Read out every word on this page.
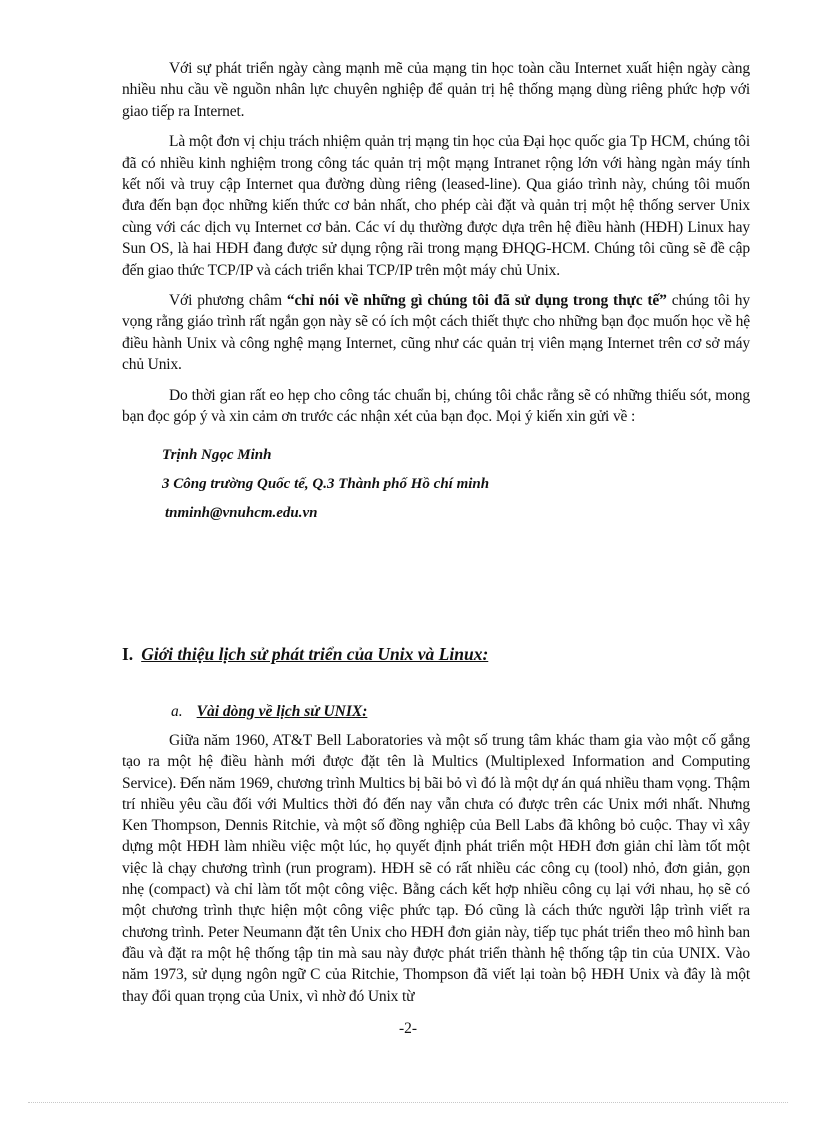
Với sự phát triển ngày càng mạnh mẽ của mạng tin học toàn cầu Internet xuất hiện ngày càng nhiều nhu cầu về nguồn nhân lực chuyên nghiệp để quản trị hệ thống mạng dùng riêng phức hợp với giao tiếp ra Internet.

Là một đơn vị chịu trách nhiệm quản trị mạng tin học của Đại học quốc gia Tp HCM, chúng tôi đã có nhiều kinh nghiệm trong công tác quản trị một mạng Intranet rộng lớn với hàng ngàn máy tính kết nối và truy cập Internet qua đường dùng riêng (leased-line). Qua giáo trình này, chúng tôi muốn đưa đến bạn đọc những kiến thức cơ bản nhất, cho phép cài đặt và quản trị một hệ thống server Unix cùng với các dịch vụ Internet cơ bản. Các ví dụ thường được dựa trên hệ điều hành (HĐH) Linux hay Sun OS, là hai HĐH đang được sử dụng rộng rãi trong mạng ĐHQG-HCM. Chúng tôi cũng sẽ đề cập đến giao thức TCP/IP và cách triển khai TCP/IP trên một máy chủ Unix.

Với phương châm “chỉ nói về những gì chúng tôi đã sử dụng trong thực tế” chúng tôi hy vọng rằng giáo trình rất ngắn gọn này sẽ có ích một cách thiết thực cho những bạn đọc muốn học về hệ điều hành Unix và công nghệ mạng Internet, cũng như các quản trị viên mạng Internet trên cơ sở máy chủ Unix.

Do thời gian rất eo hẹp cho công tác chuẩn bị, chúng tôi chắc rằng sẽ có những thiếu sót, mong bạn đọc góp ý và xin cảm ơn trước các nhận xét của bạn đọc. Mọi ý kiến xin gửi về :

Trịnh Ngọc Minh
3 Công trường Quốc tế, Q.3 Thành phố Hồ chí minh
tnminh@vnuhcm.edu.vn
I. Giới thiệu lịch sử phát triển của Unix và Linux:
a. Vài dòng về lịch sử UNIX:

Giữa năm 1960, AT&T Bell Laboratories và một số trung tâm khác tham gia vào một cố gắng tạo ra một hệ điều hành mới được đặt tên là Multics (Multiplexed Information and Computing Service). Đến năm 1969, chương trình Multics bị bãi bỏ vì đó là một dự án quá nhiều tham vọng. Thậm trí nhiều yêu cầu đối với Multics thời đó đến nay vẫn chưa có được trên các Unix mới nhất. Nhưng Ken Thompson, Dennis Ritchie, và một số đồng nghiệp của Bell Labs đã không bỏ cuộc. Thay vì xây dựng một HĐH làm nhiều việc một lúc, họ quyết định phát triển một HĐH đơn giản chỉ làm tốt một việc là chạy chương trình (run program). HĐH sẽ có rất nhiều các công cụ (tool) nhỏ, đơn giản, gọn nhẹ (compact) và chỉ làm tốt một công việc. Bằng cách kết hợp nhiều công cụ lại với nhau, họ sẽ có một chương trình thực hiện một công việc phức tạp. Đó cũng là cách thức người lập trình viết ra chương trình. Peter Neumann đặt tên Unix cho HĐH đơn giản này, tiếp tục phát triển theo mô hình ban đầu và đặt ra một hệ thống tập tin mà sau này được phát triển thành hệ thống tập tin của UNIX. Vào năm 1973, sử dụng ngôn ngữ C của Ritchie, Thompson đã viết lại toàn bộ HĐH Unix và đây là một thay đổi quan trọng của Unix, vì nhờ đó Unix từ

-2-
